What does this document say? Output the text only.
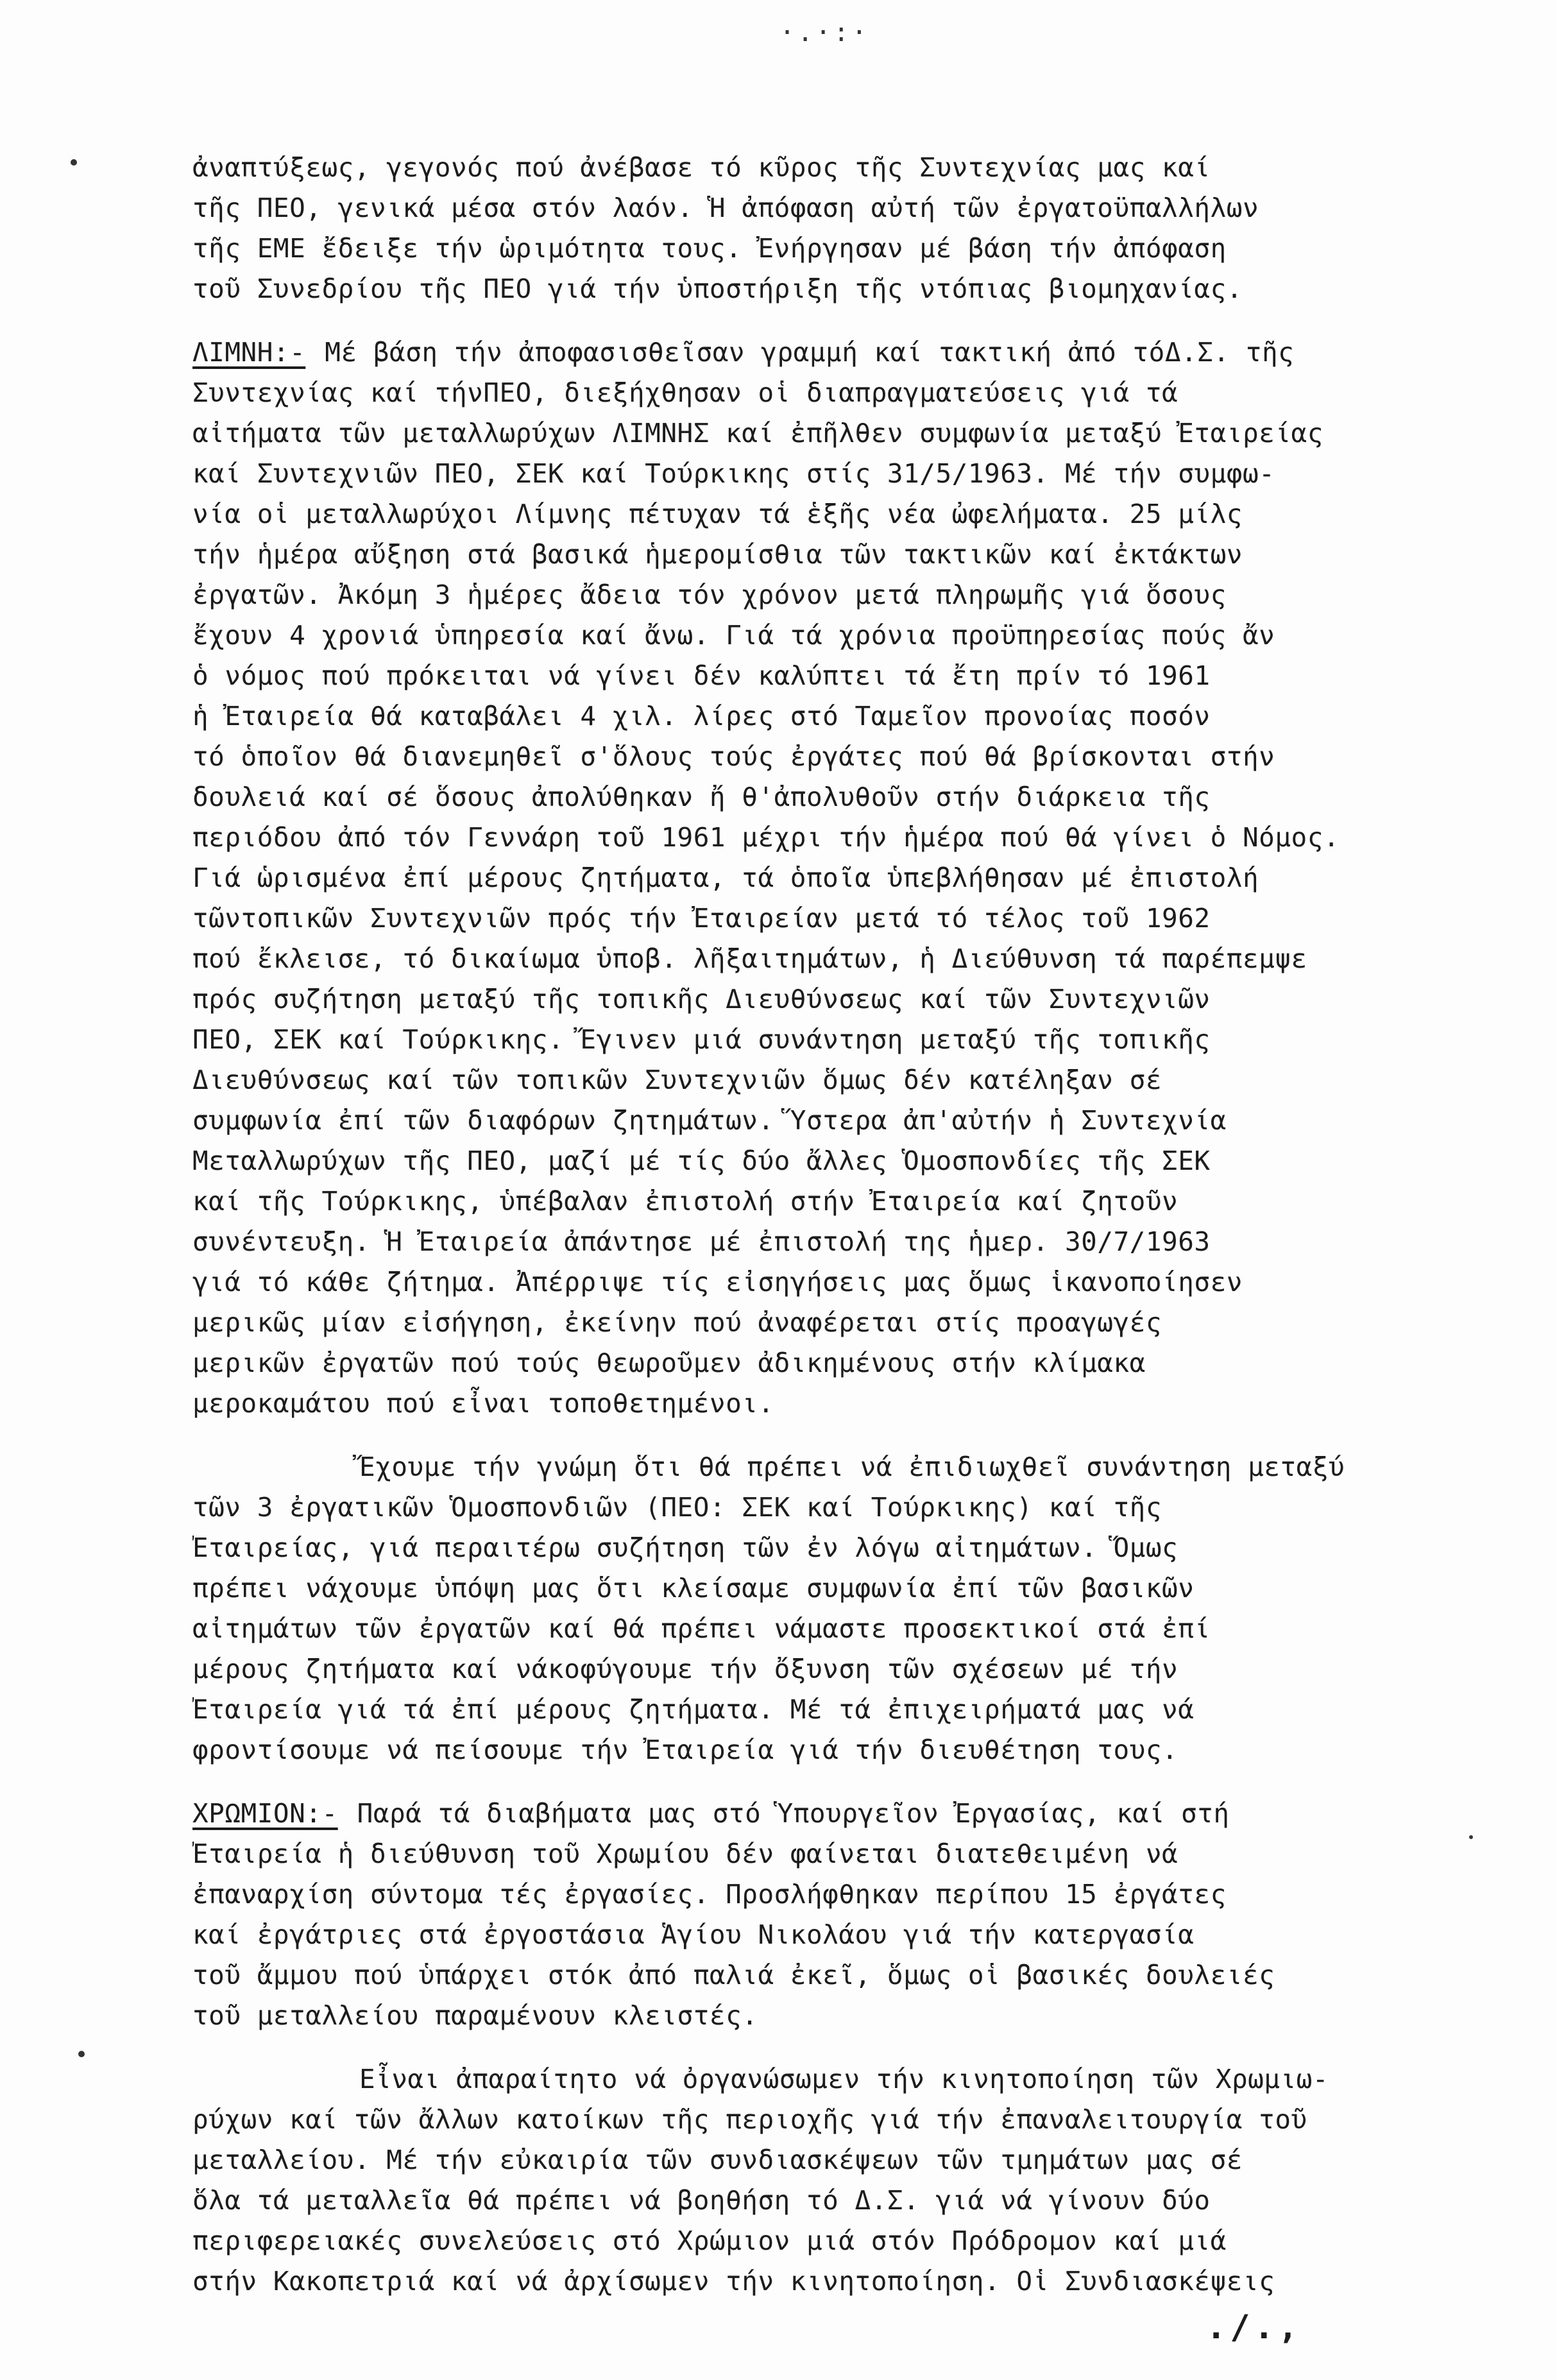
·.·:·
ἀναπτύξεως, γεγονός πού ἀνέβασε τό κῦρος τῆς Συντεχνίας μας καί
τῆς ΠΕΟ, γενικά μέσα στόν λαόν. Ἡ ἀπόφαση αὐτή τῶν ἐργατοϋπαλλήλων
τῆς ΕΜΕ ἔδειξε τήν ὡριμότητα τους. Ἐνήργησαν μέ βάση τήν ἀπόφαση
τοῦ Συνεδρίου τῆς ΠΕΟ γιά τήν ὑποστήριξη τῆς ντόπιας βιομηχανίας.
ΛΙΜΝΗ:- Μέ βάση τήν ἀποφασισθεῖσαν γραμμή καί τακτική ἀπό τόΔ.Σ. τῆς
Συντεχνίας καί τήνΠΕΟ, διεξήχθησαν οἱ διαπραγματεύσεις γιά τά
αἰτήματα τῶν μεταλλωρύχων ΛΙΜΝΗΣ καί ἐπῆλθεν συμφωνία μεταξύ Ἐταιρείας
καί Συντεχνιῶν ΠΕΟ, ΣΕΚ καί Τούρκικης στίς 31/5/1963. Μέ τήν συμφω-
νία οἱ μεταλλωρύχοι Λίμνης πέτυχαν τά ἑξῆς νέα ὠφελήματα. 25 μίλς
τήν ἡμέρα αὔξηση στά βασικά ἡμερομίσθια τῶν τακτικῶν καί ἐκτάκτων
ἐργατῶν. Ἀκόμη 3 ἡμέρες ἄδεια τόν χρόνον μετά πληρωμῆς γιά ὅσους
ἔχουν 4 χρονιά ὑπηρεσία καί ἄνω. Γιά τά χρόνια προϋπηρεσίας πούς ἄν
ὁ νόμος πού πρόκειται νά γίνει δέν καλύπτει τά ἔτη πρίν τό 1961
ἡ Ἐταιρεία θά καταβάλει 4 χιλ. λίρες στό Ταμεῖον προνοίας ποσόν
τό ὁποῖον θά διανεμηθεῖ σ'ὅλους τούς ἐργάτες πού θά βρίσκονται στήν
δουλειά καί σέ ὅσους ἀπολύθηκαν ἤ θ'ἀπολυθοῦν στήν διάρκεια τῆς
περιόδου ἀπό τόν Γεννάρη τοῦ 1961 μέχρι τήν ἡμέρα πού θά γίνει ὁ Νόμος.
Γιά ὡρισμένα ἐπί μέρους ζητήματα, τά ὁποῖα ὑπεβλήθησαν μέ ἐπιστολή
τῶντοπικῶν Συντεχνιῶν πρός τήν Ἐταιρείαν μετά τό τέλος τοῦ 1962
πού ἔκλεισε, τό δικαίωμα ὑποβ. λῆξαιτημάτων, ἡ Διεύθυνση τά παρέπεμψε
πρός συζήτηση μεταξύ τῆς τοπικῆς Διευθύνσεως καί τῶν Συντεχνιῶν
ΠΕΟ, ΣΕΚ καί Τούρκικης. Ἔγινεν μιά συνάντηση μεταξύ τῆς τοπικῆς
Διευθύνσεως καί τῶν τοπικῶν Συντεχνιῶν ὅμως δέν κατέληξαν σέ
συμφωνία ἐπί τῶν διαφόρων ζητημάτων. Ὕστερα ἀπ'αὐτήν ἡ Συντεχνία
Μεταλλωρύχων τῆς ΠΕΟ, μαζί μέ τίς δύο ἄλλες Ὁμοσπονδίες τῆς ΣΕΚ
καί τῆς Τούρκικης, ὑπέβαλαν ἐπιστολή στήν Ἐταιρεία καί ζητοῦν
συνέντευξη. Ἡ Ἐταιρεία ἀπάντησε μέ ἐπιστολή της ἡμερ. 30/7/1963
γιά τό κάθε ζήτημα. Ἀπέρριψε τίς εἰσηγήσεις μας ὅμως ἱκανοποίησεν
μερικῶς μίαν εἰσήγηση, ἐκείνην πού ἀναφέρεται στίς προαγωγές
μερικῶν ἐργατῶν πού τούς θεωροῦμεν ἀδικημένους στήν κλίμακα
μεροκαμάτου πού εἶναι τοποθετημένοι.
Ἔχουμε τήν γνώμη ὅτι θά πρέπει νά ἐπιδιωχθεῖ συνάντηση μεταξύ
τῶν 3 ἐργατικῶν Ὁμοσπονδιῶν (ΠΕΟ: ΣΕΚ καί Τούρκικης) καί τῆς
Ἐταιρείας, γιά περαιτέρω συζήτηση τῶν ἐν λόγω αἰτημάτων. Ὅμως
πρέπει νάχουμε ὑπόψη μας ὅτι κλείσαμε συμφωνία ἐπί τῶν βασικῶν
αἰτημάτων τῶν ἐργατῶν καί θά πρέπει νάμαστε προσεκτικοί στά ἐπί
μέρους ζητήματα καί νάκοφύγουμε τήν ὄξυνση τῶν σχέσεων μέ τήν
Ἐταιρεία γιά τά ἐπί μέρους ζητήματα. Μέ τά ἐπιχειρήματά μας νά
φροντίσουμε νά πείσουμε τήν Ἐταιρεία γιά τήν διευθέτηση τους.
ΧΡΩΜΙΟΝ:- Παρά τά διαβήματα μας στό Ὑπουργεῖον Ἐργασίας, καί στή
Ἐταιρεία ἡ διεύθυνση τοῦ Χρωμίου δέν φαίνεται διατεθειμένη νά
ἐπαναρχίση σύντομα τές ἐργασίες. Προσλήφθηκαν περίπου 15 ἐργάτες
καί ἐργάτριες στά ἐργοστάσια Ἁγίου Νικολάου γιά τήν κατεργασία
τοῦ ἄμμου πού ὑπάρχει στόκ ἀπό παλιά ἐκεῖ, ὅμως οἱ βασικές δουλειές
τοῦ μεταλλείου παραμένουν κλειστές.
Εἶναι ἀπαραίτητο νά ὀργανώσωμεν τήν κινητοποίηση τῶν Χρωμιω-
ρύχων καί τῶν ἄλλων κατοίκων τῆς περιοχῆς γιά τήν ἐπαναλειτουργία τοῦ
μεταλλείου. Μέ τήν εὐκαιρία τῶν συνδιασκέψεων τῶν τμημάτων μας σέ
ὅλα τά μεταλλεῖα θά πρέπει νά βοηθήση τό Δ.Σ. γιά νά γίνουν δύο
περιφερειακές συνελεύσεις στό Χρώμιον μιά στόν Πρόδρομον καί μιά
στήν Κακοπετριά καί νά ἀρχίσωμεν τήν κινητοποίηση. Οἱ Συνδιασκέψεις
./.,
